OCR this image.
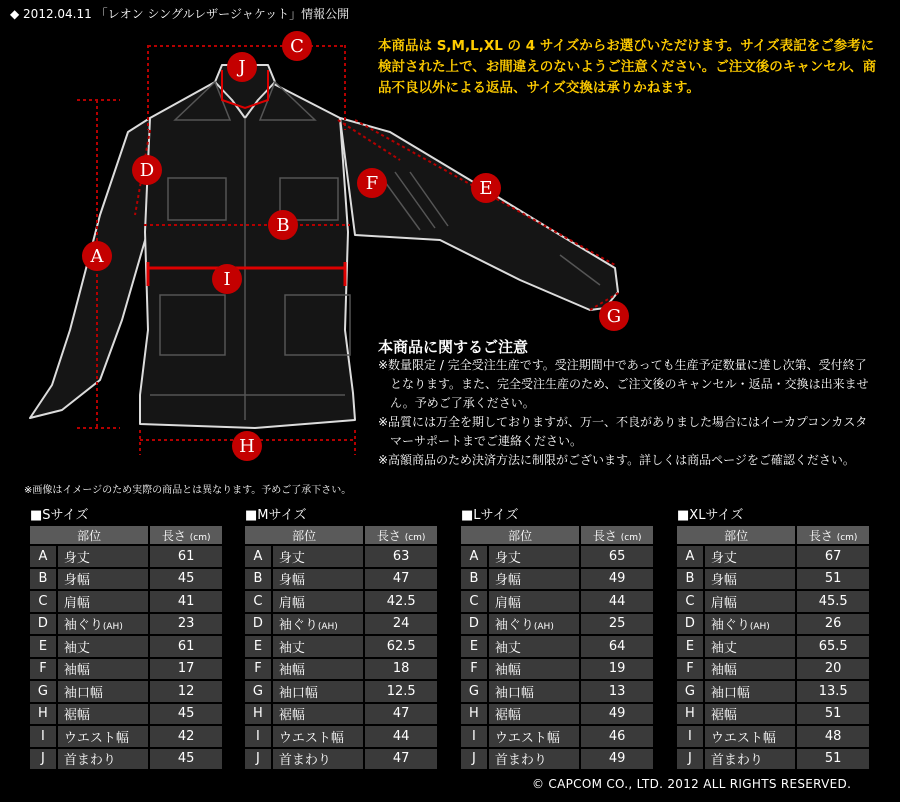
◆ 2012.04.11 「レオン シングルレザージャケット」情報公開
A
B
C
D
E
F
G
H
I
J
本商品は S,M,L,XL の 4 サイズからお選びいただけます。サイズ表記をご参考に検討された上で、お間違えのないようご注意ください。ご注文後のキャンセル、商品不良以外による返品、サイズ交換は承りかねます。
本商品に関するご注意
※数量限定 / 完全受注生産です。受注期間中であっても生産予定数量に達し次第、受付終了となります。また、完全受注生産のため、ご注文後のキャンセル・返品・交換は出来ません。予めご了承ください。
※品質には万全を期しておりますが、万一、不良がありました場合にはイーカプコンカスタマーサポートまでご連絡ください。
※高額商品のため決済方法に制限がございます。詳しくは商品ページをご確認ください。
※画像はイメージのため実際の商品とは異なります。予めご了承下さい。
■Sサイズ
部位		長さ (cm)
A	身丈	61
B	身幅	45
C	肩幅	41
D	袖ぐり(AH)	23
E	袖丈	61
F	袖幅	17
G	袖口幅	12
H	裾幅	45
I	ウエスト幅	42
J	首まわり	45
■Mサイズ
部位		長さ (cm)
A	身丈	63
B	身幅	47
C	肩幅	42.5
D	袖ぐり(AH)	24
E	袖丈	62.5
F	袖幅	18
G	袖口幅	12.5
H	裾幅	47
I	ウエスト幅	44
J	首まわり	47
■Lサイズ
部位		長さ (cm)
A	身丈	65
B	身幅	49
C	肩幅	44
D	袖ぐり(AH)	25
E	袖丈	64
F	袖幅	19
G	袖口幅	13
H	裾幅	49
I	ウエスト幅	46
J	首まわり	49
■XLサイズ
部位		長さ (cm)
A	身丈	67
B	身幅	51
C	肩幅	45.5
D	袖ぐり(AH)	26
E	袖丈	65.5
F	袖幅	20
G	袖口幅	13.5
H	裾幅	51
I	ウエスト幅	48
J	首まわり	51
© CAPCOM CO., LTD. 2012 ALL RIGHTS RESERVED.
